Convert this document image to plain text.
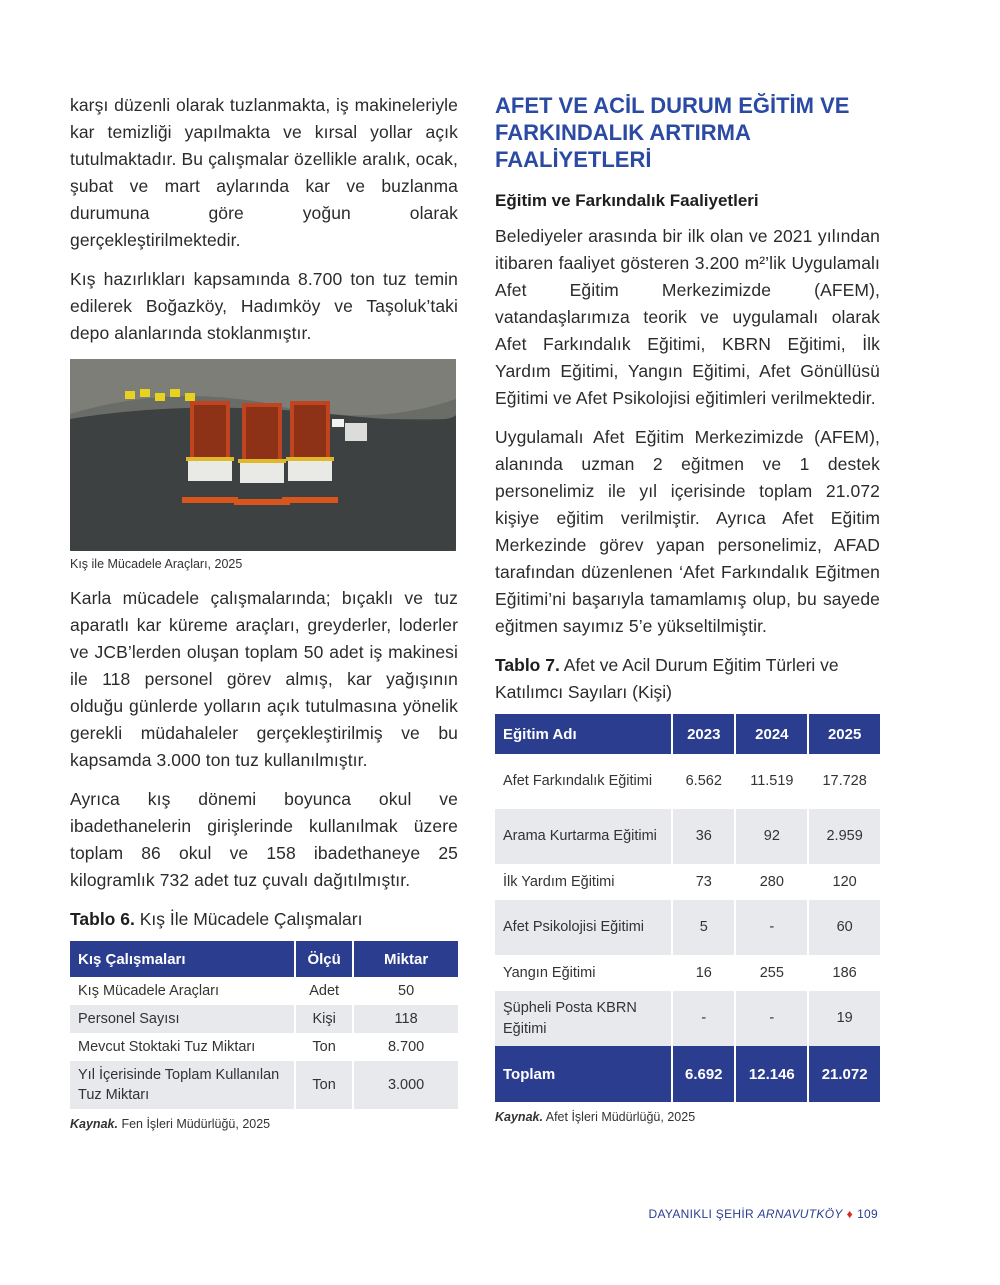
karşı düzenli olarak tuzlanmakta, iş makineleriyle kar temizliği yapılmakta ve kırsal yollar açık tutulmaktadır. Bu çalışmalar özellikle aralık, ocak, şubat ve mart aylarında kar ve buzlanma durumuna göre yoğun olarak gerçekleştirilmektedir.

Kış hazırlıkları kapsamında 8.700 ton tuz temin edilerek Boğazköy, Hadımköy ve Taşoluk’taki depo alanlarında stoklanmıştır.

Kış ile Mücadele Araçları, 2025

Karla mücadele çalışmalarında; bıçaklı ve tuz aparatlı kar küreme araçları, greyderler, loderler ve JCB’lerden oluşan toplam 50 adet iş makinesi ile 118 personel görev almış, kar yağışının olduğu günlerde yolların açık tutulmasına yönelik gerekli müdahaleler gerçekleştirilmiş ve bu kapsamda 3.000 ton tuz kullanılmıştır.

Ayrıca kış dönemi boyunca okul ve ibadethanelerin girişlerinde kullanılmak üzere toplam 86 okul ve 158 ibadethaneye 25 kilogramlık 732 adet tuz çuvalı dağıtılmıştır.

Tablo 6. Kış İle Mücadele Çalışmaları

Kış Çalışmaları	Ölçü	Miktar
Kış Mücadele Araçları	Adet	50
Personel Sayısı	Kişi	118
Mevcut Stoktaki Tuz Miktarı	Ton	8.700
Yıl İçerisinde Toplam Kullanılan Tuz Miktarı	Ton	3.000
Kaynak. Fen İşleri Müdürlüğü, 2025
AFET VE ACİL DURUM EĞİTİM VE FARKINDALIK ARTIRMA FAALİYETLERİ
Eğitim ve Farkındalık Faaliyetleri

Belediyeler arasında bir ilk olan ve 2021 yılından itibaren faaliyet gösteren 3.200 m²’lik Uygulamalı Afet Eğitim Merkezimizde (AFEM), vatandaşlarımıza teorik ve uygulamalı olarak Afet Farkındalık Eğitimi, KBRN Eğitimi, İlk Yardım Eğitimi, Yangın Eğitimi, Afet Gönüllüsü Eğitimi ve Afet Psikolojisi eğitimleri verilmektedir.

Uygulamalı Afet Eğitim Merkezimizde (AFEM), alanında uzman 2 eğitmen ve 1 destek personelimiz ile yıl içerisinde toplam 21.072 kişiye eğitim verilmiştir. Ayrıca Afet Eğitim Merkezinde görev yapan personelimiz, AFAD tarafından düzenlenen ‘Afet Farkındalık Eğitmen Eğitimi’ni başarıyla tamamlamış olup, bu sayede eğitmen sayımız 5’e yükseltilmiştir.

Tablo 7. Afet ve Acil Durum Eğitim Türleri ve Katılımcı Sayıları (Kişi)

Eğitim Adı	2023	2024	2025
Afet Farkındalık Eğitimi	6.562	11.519	17.728
Arama Kurtarma Eğitimi	36	92	2.959
İlk Yardım Eğitimi	73	280	120
Afet Psikolojisi Eğitimi	5	-	60
Yangın Eğitimi	16	255	186
Şüpheli Posta KBRN Eğitimi	-	-	19
Toplam	6.692	12.146	21.072
Kaynak. Afet İşleri Müdürlüğü, 2025
DAYANIKLI ŞEHİR ARNAVUTKÖY ♦ 109
